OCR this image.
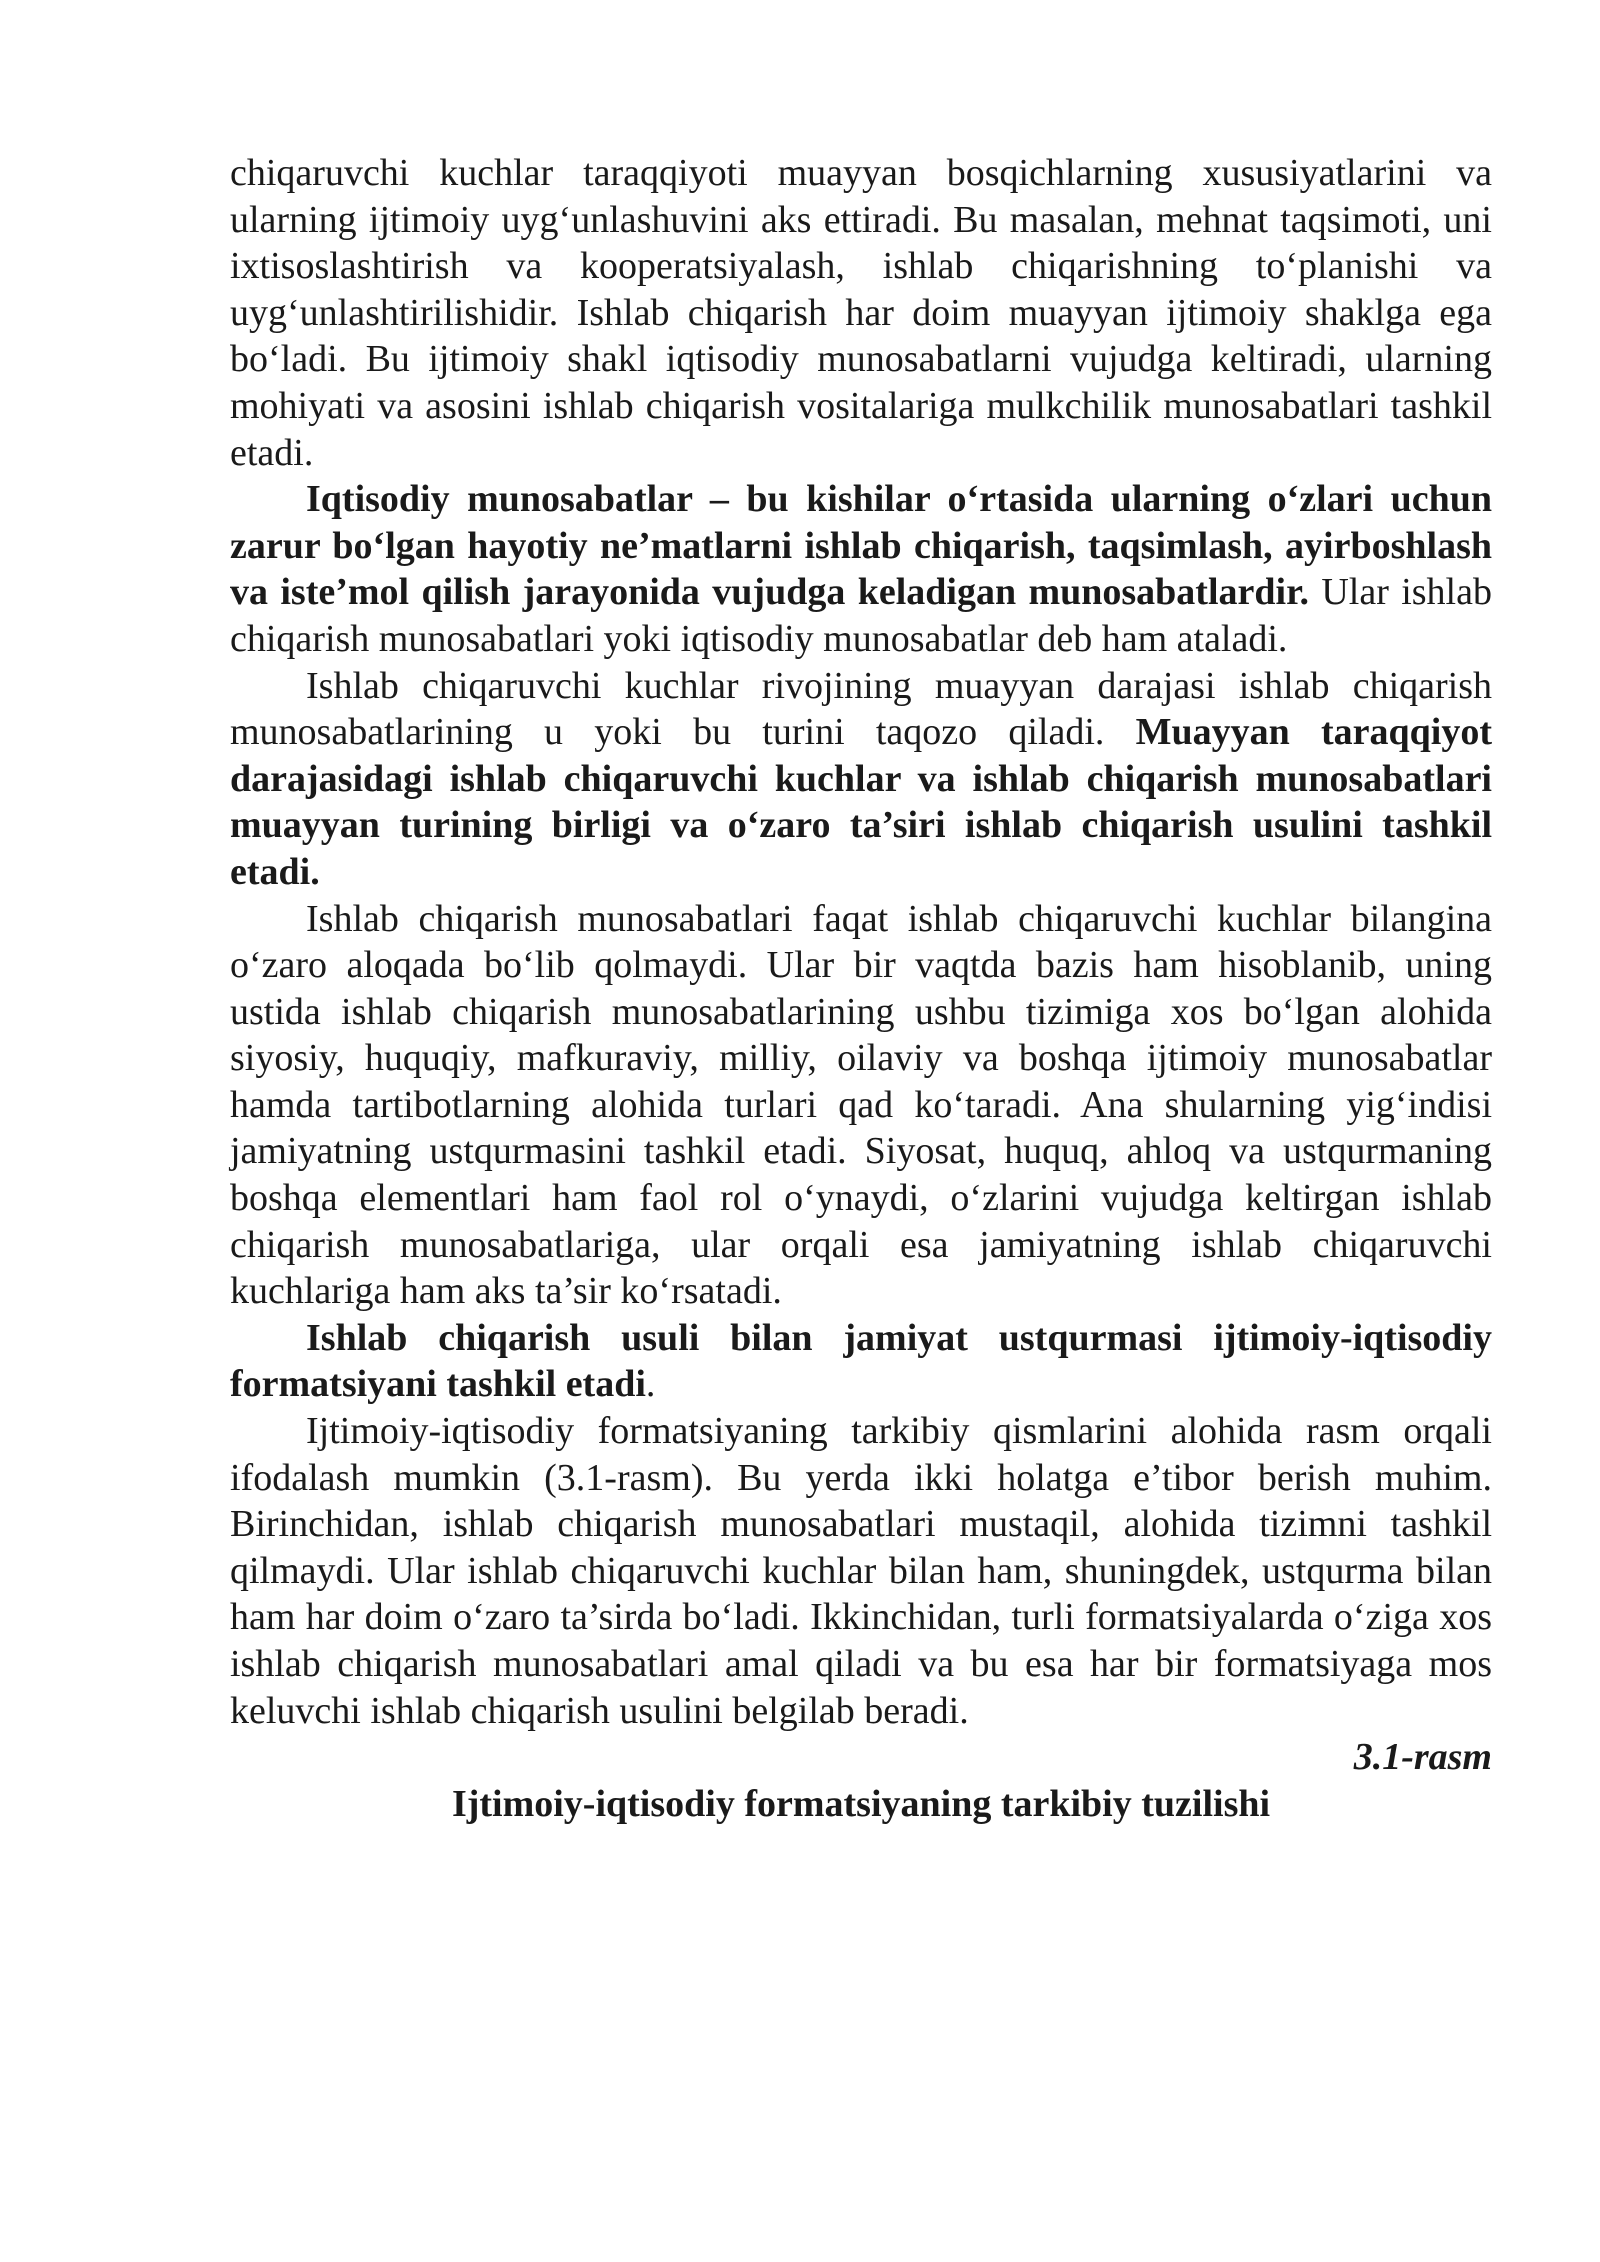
chiqaruvchi kuchlar taraqqiyoti muayyan bosqichlarning xususiyatlarini va ularning ijtimoiy uyg‘unlashuvini aks ettiradi. Bu masalan, mehnat taqsimoti, uni ixtisoslashtirish va kooperatsiyalash, ishlab chiqarishning to‘planishi va uyg‘unlashtirilishidir. Ishlab chiqarish har doim muayyan ijtimoiy shaklga ega bo‘ladi. Bu ijtimoiy shakl iqtisodiy munosabatlarni vujudga keltiradi, ularning mohiyati va asosini ishlab chiqarish vositalariga mulkchilik munosabatlari tashkil etadi.

Iqtisodiy munosabatlar – bu kishilar o‘rtasida ularning o‘zlari uchun zarur bo‘lgan hayotiy ne’matlarni ishlab chiqarish, taqsimlash, ayirboshlash va iste’mol qilish jarayonida vujudga keladigan munosabatlardir. Ular ishlab chiqarish munosabatlari yoki iqtisodiy munosabatlar deb ham ataladi.

Ishlab chiqaruvchi kuchlar rivojining muayyan darajasi ishlab chiqarish munosabatlarining u yoki bu turini taqozo qiladi. Muayyan taraqqiyot darajasidagi ishlab chiqaruvchi kuchlar va ishlab chiqarish munosabatlari muayyan turining birligi va o‘zaro ta’siri ishlab chiqarish usulini tashkil etadi.

Ishlab chiqarish munosabatlari faqat ishlab chiqaruvchi kuchlar bilangina o‘zaro aloqada bo‘lib qolmaydi. Ular bir vaqtda bazis ham hisoblanib, uning ustida ishlab chiqarish munosabatlarining ushbu tizimiga xos bo‘lgan alohida siyosiy, huquqiy, mafkuraviy, milliy, oilaviy va boshqa ijtimoiy munosabatlar hamda tartibotlarning alohida turlari qad ko‘taradi. Ana shularning yig‘indisi jamiyatning ustqurmasini tashkil etadi. Siyosat, huquq, ahloq va ustqurmaning boshqa elementlari ham faol rol o‘ynaydi, o‘zlarini vujudga keltirgan ishlab chiqarish munosabatlariga, ular orqali esa jamiyatning ishlab chiqaruvchi kuchlariga ham aks ta’sir ko‘rsatadi.

Ishlab chiqarish usuli bilan jamiyat ustqurmasi ijtimoiy-iqtisodiy formatsiyani tashkil etadi.

Ijtimoiy-iqtisodiy formatsiyaning tarkibiy qismlarini alohida rasm orqali ifodalash mumkin (3.1-rasm). Bu yerda ikki holatga e’tibor berish muhim. Birinchidan, ishlab chiqarish munosabatlari mustaqil, alohida tizimni tashkil qilmaydi. Ular ishlab chiqaruvchi kuchlar bilan ham, shuningdek, ustqurma bilan ham har doim o‘zaro ta’sirda bo‘ladi. Ikkinchidan, turli formatsiyalarda o‘ziga xos ishlab chiqarish munosabatlari amal qiladi va bu esa har bir formatsiyaga mos keluvchi ishlab chiqarish usulini belgilab beradi.

3.1-rasm

Ijtimoiy-iqtisodiy formatsiyaning tarkibiy tuzilishi
